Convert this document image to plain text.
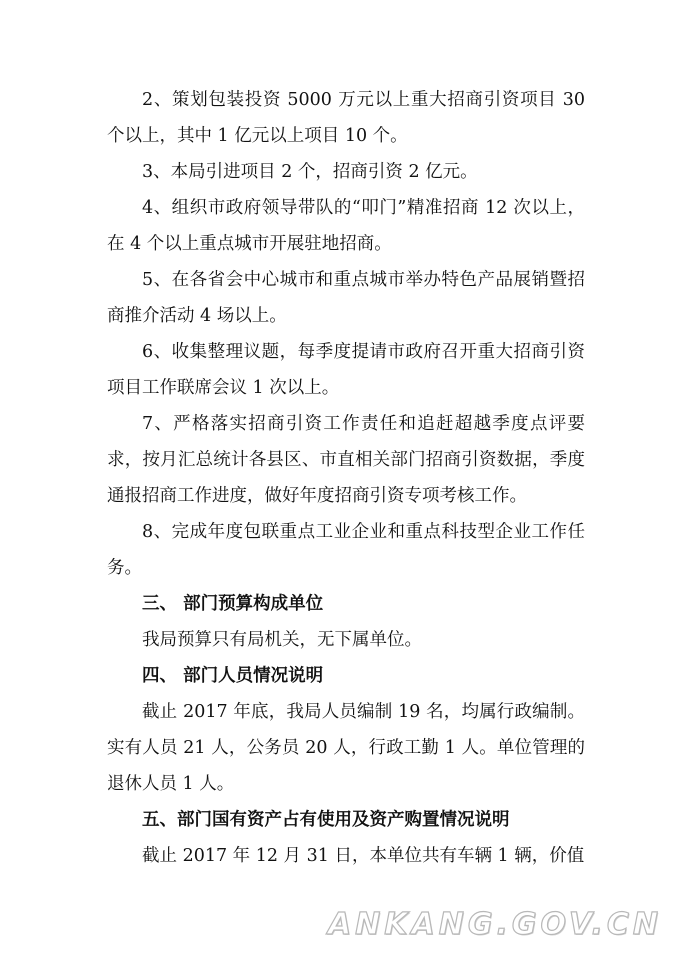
2、策划包装投资 5000 万元以上重大招商引资项目 30 个以上，其中 1 亿元以上项目 10 个。

3、本局引进项目 2 个，招商引资 2 亿元。

4、组织市政府领导带队的“叩门”精准招商 12 次以上，在 4 个以上重点城市开展驻地招商。

5、在各省会中心城市和重点城市举办特色产品展销暨招商推介活动 4 场以上。

6、收集整理议题，每季度提请市政府召开重大招商引资项目工作联席会议 1 次以上。

7、严格落实招商引资工作责任和追赶超越季度点评要求，按月汇总统计各县区、市直相关部门招商引资数据，季度通报招商工作进度，做好年度招商引资专项考核工作。

8、完成年度包联重点工业企业和重点科技型企业工作任务。

三、 部门预算构成单位

我局预算只有局机关，无下属单位。

四、 部门人员情况说明

截止 2017 年底，我局人员编制 19 名，均属行政编制。实有人员 21 人，公务员 20 人，行政工勤 1 人。单位管理的退休人员 1 人。

五、部门国有资产占有使用及资产购置情况说明

截止 2017 年 12 月 31 日，本单位共有车辆 1 辆，价值

ANKANG.GOV.CN
